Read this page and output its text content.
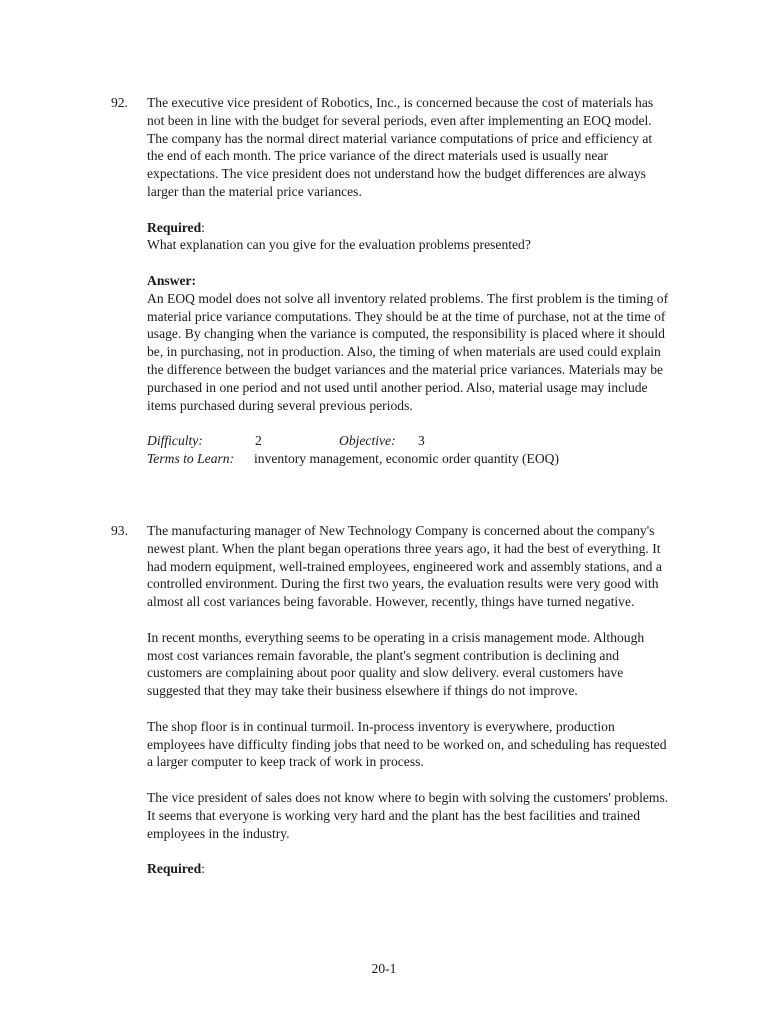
92.	The executive vice president of Robotics, Inc., is concerned because the cost of materials has not been in line with the budget for several periods, even after implementing an EOQ model. The company has the normal direct material variance computations of price and efficiency at the end of each month. The price variance of the direct materials used is usually near expectations. The vice president does not understand how the budget differences are always larger than the material price variances.

Required:

What explanation can you give for the evaluation problems presented?

Answer:

An EOQ model does not solve all inventory related problems. The first problem is the timing of material price variance computations. They should be at the time of purchase, not at the time of usage. By changing when the variance is computed, the responsibility is placed where it should be, in purchasing, not in production. Also, the timing of when materials are used could explain the difference between the budget variances and the material price variances. Materials may be purchased in one period and not used until another period. Also, material usage may include items purchased during several previous periods.

Difficulty:	2	Objective: 3
Terms to Learn: inventory management, economic order quantity (EOQ)
93.	The manufacturing manager of New Technology Company is concerned about the company's newest plant. When the plant began operations three years ago, it had the best of everything. It had modern equipment, well-trained employees, engineered work and assembly stations, and a controlled environment. During the first two years, the evaluation results were very good with almost all cost variances being favorable. However, recently, things have turned negative.

In recent months, everything seems to be operating in a crisis management mode. Although most cost variances remain favorable, the plant's segment contribution is declining and customers are complaining about poor quality and slow delivery. everal customers have suggested that they may take their business elsewhere if things do not improve.

The shop floor is in continual turmoil. In-process inventory is everywhere, production employees have difficulty finding jobs that need to be worked on, and scheduling has requested a larger computer to keep track of work in process.

The vice president of sales does not know where to begin with solving the customers' problems. It seems that everyone is working very hard and the plant has the best facilities and trained employees in the industry.

Required:

20-1
